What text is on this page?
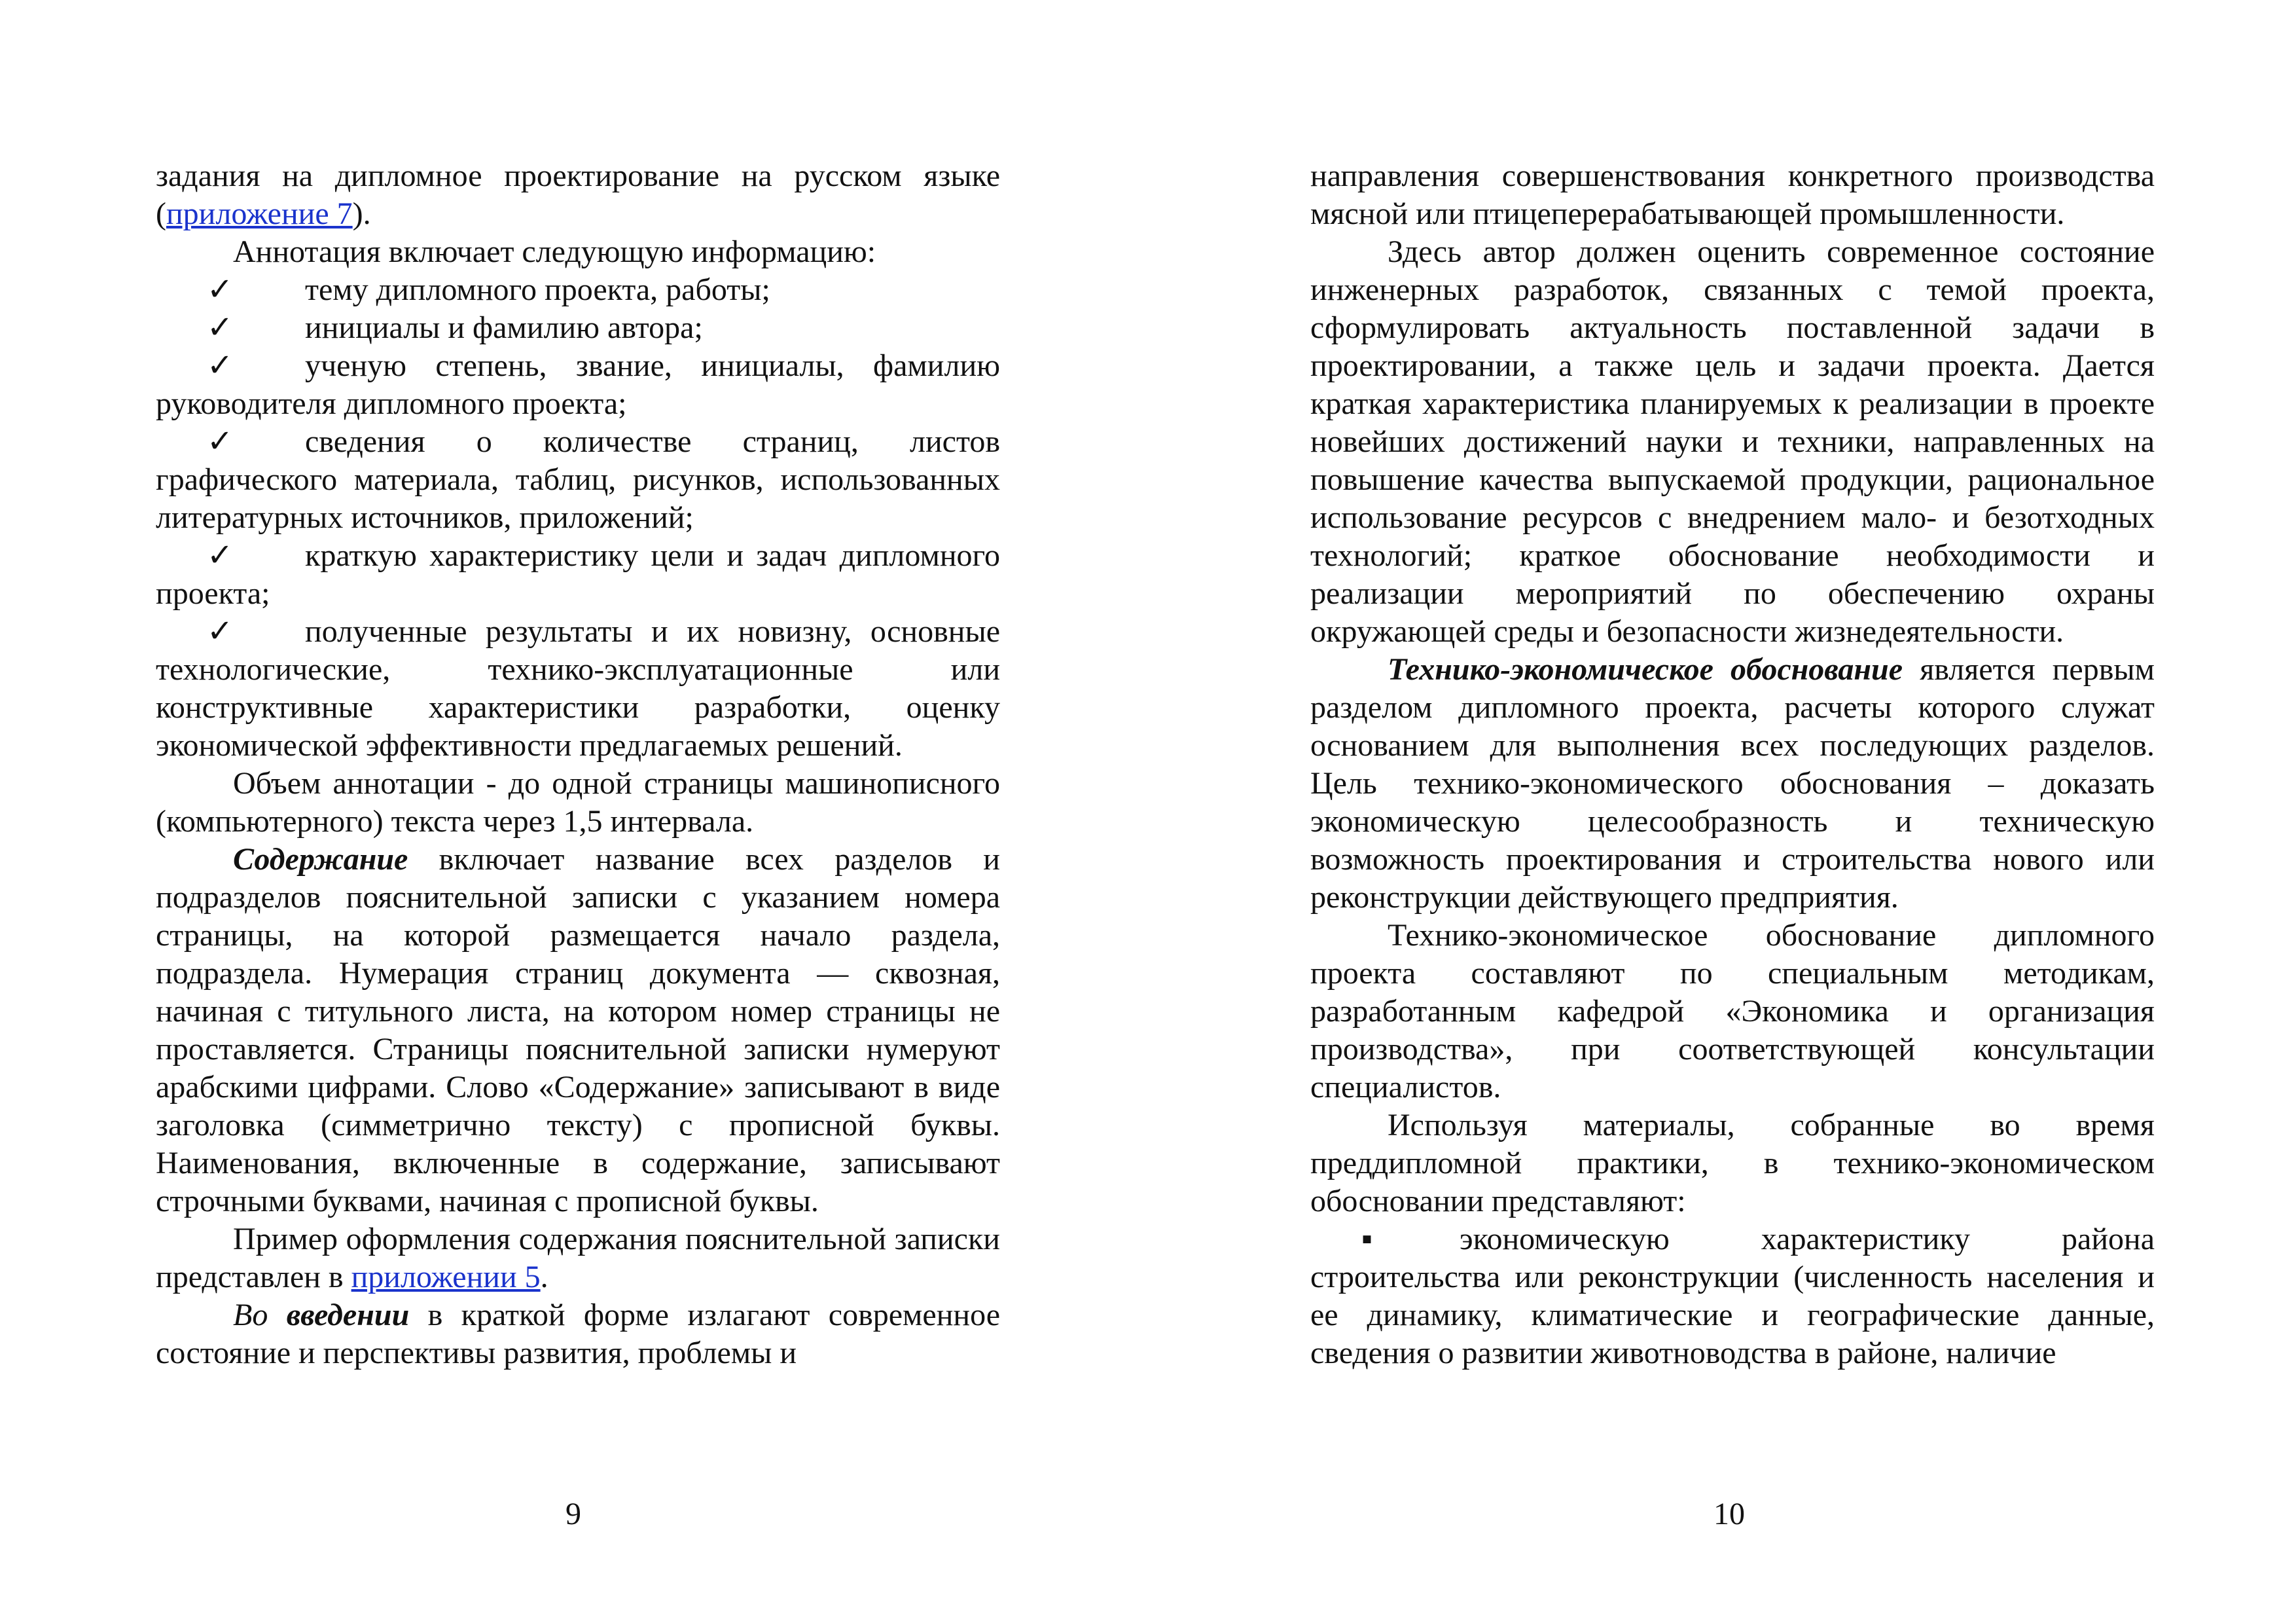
задания на дипломное проектирование на русском языке (приложение 7).

Аннотация включает следующую информацию:

✓ тему дипломного проекта, работы;

✓ инициалы и фамилию автора;

✓ ученую степень, звание, инициалы, фамилию руководителя дипломного проекта;

✓ сведения о количестве страниц, листов графического материала, таблиц, рисунков, использованных литературных источников, приложений;

✓ краткую характеристику цели и задач дипломного проекта;

✓ полученные результаты и их новизну, основные технологические, технико-эксплуатационные или конструктивные характеристики разработки, оценку экономической эффективности предлагаемых решений.

Объем аннотации - до одной страницы машинописного (компьютерного) текста через 1,5 интервала.

Содержание включает название всех разделов и подразделов пояснительной записки с указанием номера страницы, на которой размещается начало раздела, подраздела. Нумерация страниц документа — сквозная, начиная с титульного листа, на котором номер страницы не проставляется. Страницы пояснительной записки нумеруют арабскими цифрами. Слово «Содержание» записывают в виде заголовка (симметрично тексту) с прописной буквы. Наименования, включенные в содержание, записывают строчными буквами, начиная с прописной буквы.

Пример оформления содержания пояснительной записки представлен в приложении 5.

Во введении в краткой форме излагают современное состояние и перспективы развития, проблемы и

9

направления совершенствования конкретного производства мясной или птицеперерабатывающей промышленности.

Здесь автор должен оценить современное состояние инженерных разработок, связанных с темой проекта, сформулировать актуальность поставленной задачи в проектировании, а также цель и задачи проекта. Дается краткая характеристика планируемых к реализации в проекте новейших достижений науки и техники, направленных на повышение качества выпускаемой продукции, рациональное использование ресурсов с внедрением мало- и безотходных технологий; краткое обоснование необходимости и реализации мероприятий по обеспечению охраны окружающей среды и безопасности жизнедеятельности.

Технико-экономическое обоснование является первым разделом дипломного проекта, расчеты которого служат основанием для выполнения всех последующих разделов. Цель технико-экономического обоснования – доказать экономическую целесообразность и техническую возможность проектирования и строительства нового или реконструкции действующего предприятия.

Технико-экономическое обоснование дипломного проекта составляют по специальным методикам, разработанным кафедрой «Экономика и организация производства», при соответствующей консультации специалистов.

Используя материалы, собранные во время преддипломной практики, в технико-экономическом обосновании представляют:

▪	экономическую характеристику района строительства или реконструкции (численность населения и ее динамику, климатические и географические данные, сведения о развитии животноводства в районе, наличие

10
